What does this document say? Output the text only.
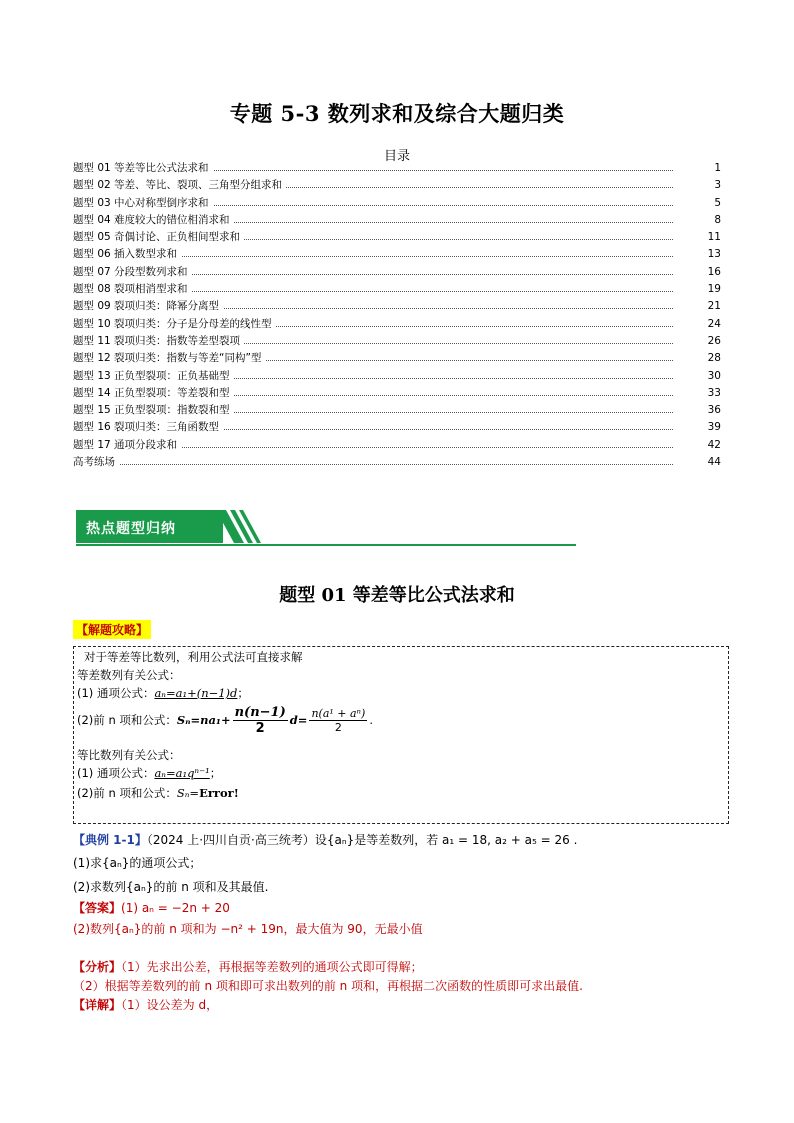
专题 5-3 数列求和及综合大题归类
目录
题型 01 等差等比公式法求和	1
题型 02 等差、等比、裂项、三角型分组求和	3
题型 03 中心对称型倒序求和	5
题型 04 难度较大的错位相消求和	8
题型 05 奇偶讨论、正负相间型求和	11
题型 06 插入数型求和	13
题型 07 分段型数列求和	16
题型 08 裂项相消型求和	19
题型 09 裂项归类：降幂分离型	21
题型 10 裂项归类：分子是分母差的线性型	24
题型 11 裂项归类：指数等差型裂项	26
题型 12 裂项归类：指数与等差“同构”型	28
题型 13 正负型裂项：正负基础型	30
题型 14 正负型裂项：等差裂和型	33
题型 15 正负型裂项：指数裂和型	36
题型 16 裂项归类：三角函数型	39
题型 17 通项分段求和	42
高考练场	44
热点题型归纳
题型 01 等差等比公式法求和
【解题攻略】
对于等差等比数列，利用公式法可直接求解
等差数列有关公式：
(1) 通项公式：aₙ=a₁+(n−1)d；
(2)前 n 项和公式：$S_n=na_1+ \frac{n(n-1)}{2} d= \frac{\text{n(a¹ + aⁿ)}}{2}$ .
等比数列有关公式：
(1) 通项公式：aₙ=a₁qⁿ⁻¹；
(2)前 n 项和公式：Sₙ=Error!
【典例 1-1】（2024 上·四川自贡·高三统考）设{aₙ}是等差数列，若 a₁ = 18, a₂ + a₅ = 26 .
(1)求{aₙ}的通项公式；
(2)求数列{aₙ}的前 n 项和及其最值.
【答案】(1) aₙ = −2n + 20
(2)数列{aₙ}的前 n 项和为 −n² + 19n，最大值为 90，无最小值
【分析】（1）先求出公差，再根据等差数列的通项公式即可得解；
（2）根据等差数列的前 n 项和即可求出数列的前 n 项和，再根据二次函数的性质即可求出最值.
【详解】（1）设公差为 d，
